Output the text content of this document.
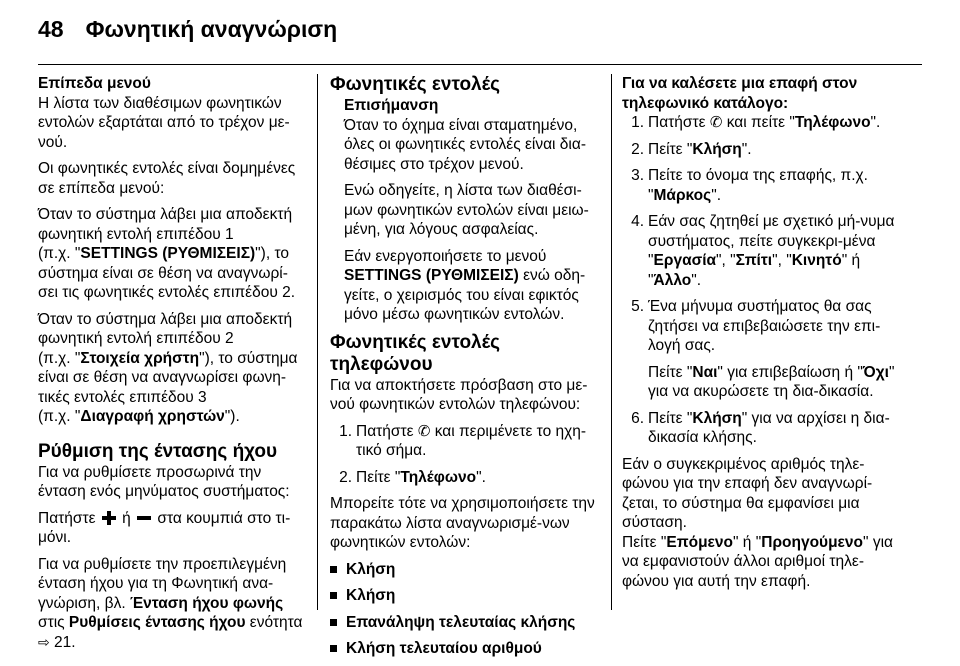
48 Φωνητική αναγνώριση

Επίπεδα μενού

Η λίστα των διαθέσιμων φωνητικών εντολών εξαρτάται από το τρέχον με-νού.

Οι φωνητικές εντολές είναι δομημένες σε επίπεδα μενού:

Όταν το σύστημα λάβει μια αποδεκτή φωνητική εντολή επιπέδου 1
(π.χ. "SETTINGS (ΡΥΘΜΙΣΕΙΣ)"), το σύστημα είναι σε θέση να αναγνωρί-σει τις φωνητικές εντολές επιπέδου 2.

Όταν το σύστημα λάβει μια αποδεκτή φωνητική εντολή επιπέδου 2
(π.χ. "Στοιχεία χρήστη"), το σύστημα είναι σε θέση να αναγνωρίσει φωνη-τικές εντολές επιπέδου 3
(π.χ. "Διαγραφή χρηστών").

Ρύθμιση της έντασης ήχου

Για να ρυθμίσετε προσωρινά την ένταση ενός μηνύματος συστήματος:

Πατήστε ή στα κουμπιά στο τι-μόνι.

Για να ρυθμίσετε την προεπιλεγμένη ένταση ήχου για τη Φωνητική ανα-γνώριση, βλ. Ένταση ήχου φωνής στις Ρυθμίσεις έντασης ήχου ενότητα
⇨ 21.

Φωνητικές εντολές

Επισήμανση

Όταν το όχημα είναι σταματημένο, όλες οι φωνητικές εντολές είναι δια-θέσιμες στο τρέχον μενού.

Ενώ οδηγείτε, η λίστα των διαθέσι-μων φωνητικών εντολών είναι μειω-μένη, για λόγους ασφαλείας.

Εάν ενεργοποιήσετε το μενού
SETTINGS (ΡΥΘΜΙΣΕΙΣ) ενώ οδη-γείτε, ο χειρισμός του είναι εφικτός μόνο μέσω φωνητικών εντολών.

Φωνητικές εντολές τηλεφώνου

Για να αποκτήσετε πρόσβαση στο με-νού φωνητικών εντολών τηλεφώνου:

1 . Πατήστε ✆ και περιμένετε το ηχη-τικό σήμα.
2 . Πείτε "Τηλέφωνο".

Μπορείτε τότε να χρησιμοποιήσετε την παρακάτω λίστα αναγνωρισμέ-νων φωνητικών εντολών:

Κλήση
Κλήση
Επανάληψη τελευταίας κλήσης
Κλήση τελευταίου αριθμού

Για να καλέσετε μια επαφή στον τηλεφωνικό κατάλογο:

1 . Πατήστε ✆ και πείτε "Τηλέφωνο".
2 . Πείτε "Κλήση".
3 . Πείτε το όνομα της επαφής, π.χ. "Μάρκος".
4 . Εάν σας ζητηθεί με σχετικό μή-νυμα συστήματος, πείτε συγκεκρι-μένα "Εργασία", "Σπίτι", "Κινητό" ή "Άλλο".
5 . Ένα μήνυμα συστήματος θα σας ζητήσει να επιβεβαιώσετε την επι-λογή σας.
Πείτε "Ναι" για επιβεβαίωση ή "Όχι" για να ακυρώσετε τη δια-δικασία.
6 . Πείτε "Κλήση" για να αρχίσει η δια-δικασία κλήσης.

Εάν ο συγκεκριμένος αριθμός τηλε-φώνου για την επαφή δεν αναγνωρί-ζεται, το σύστημα θα εμφανίσει μια σύσταση.

Πείτε "Επόμενο" ή "Προηγούμενο" για να εμφανιστούν άλλοι αριθμοί τηλε-φώνου για αυτή την επαφή.
